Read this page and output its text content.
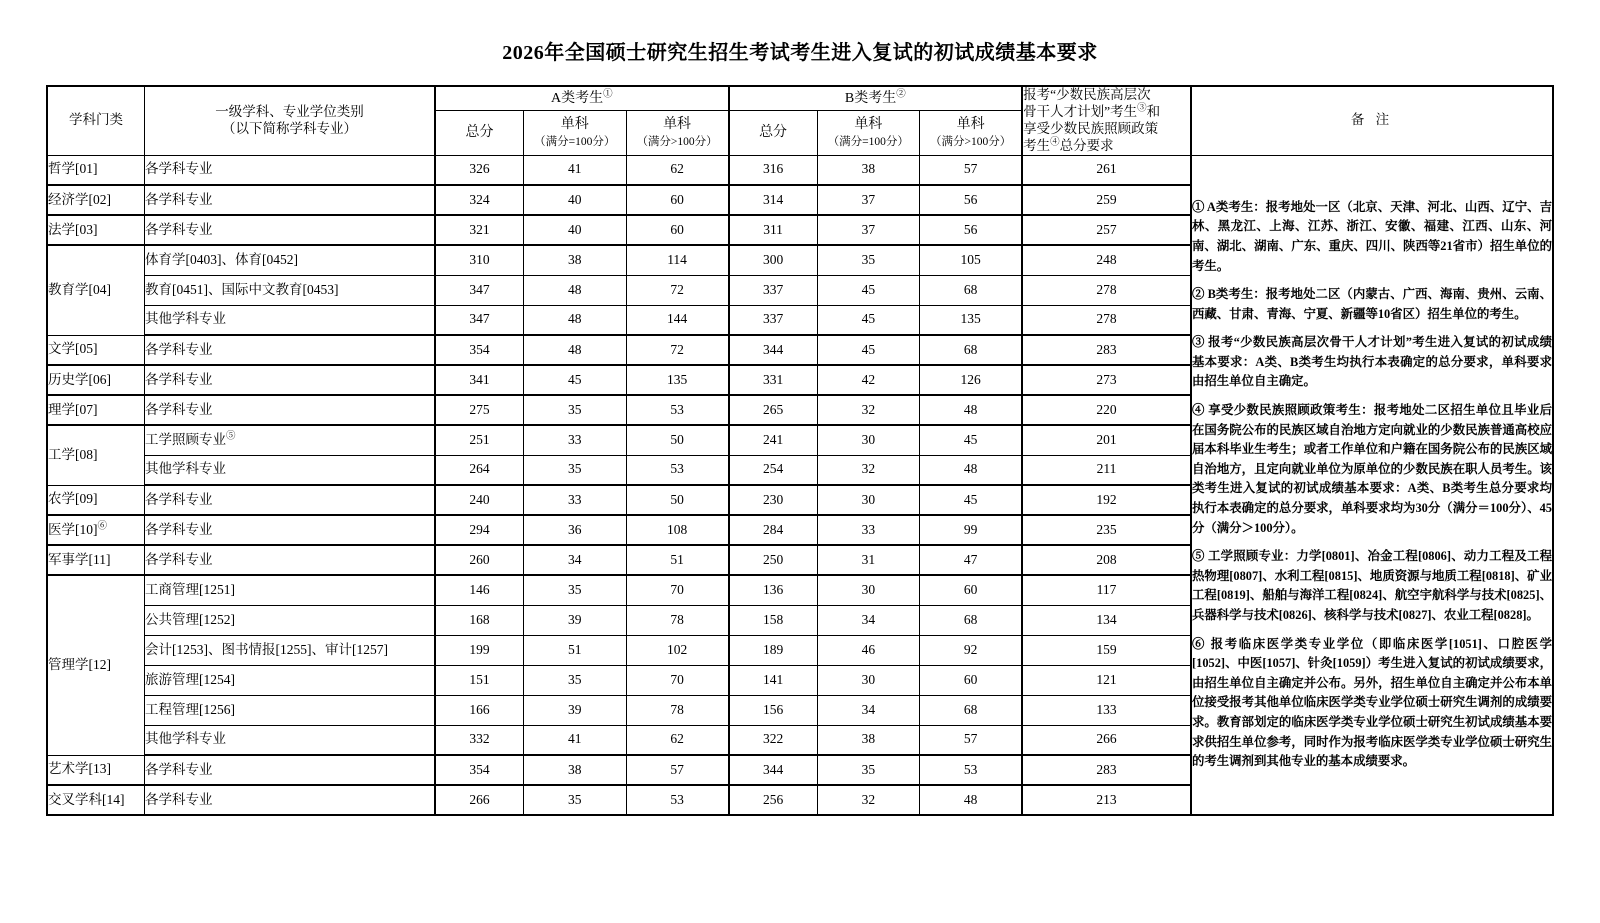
2026年全国硕士研究生招生考试考生进入复试的初试成绩基本要求
学科门类	一级学科、专业学位类别
（以下简称学科专业）	A类考生①	B类考生②	报考“少数民族高层次
骨干人才计划”考生③和
享受少数民族照顾政策
考生④总分要求
	备 注
		总分	单科
（满分=100分）	单科
（满分>100分）	总分	单科
（满分=100分）	单科
（满分>100分）		

哲学[01]	各学科专业	326	41	62	316	38	57	261	

① A类考生：报考地处一区（北京、天津、河北、山西、辽宁、吉林、黑龙江、上海、江苏、浙江、安徽、福建、江西、山东、河南、湖北、湖南、广东、重庆、四川、陕西等21省市）招生单位的考生。

② B类考生：报考地处二区（内蒙古、广西、海南、贵州、云南、西藏、甘肃、青海、宁夏、新疆等10省区）招生单位的考生。

③ 报考“少数民族高层次骨干人才计划”考生进入复试的初试成绩基本要求：A类、B类考生均执行本表确定的总分要求，单科要求由招生单位自主确定。

④ 享受少数民族照顾政策考生：报考地处二区招生单位且毕业后在国务院公布的民族区域自治地方定向就业的少数民族普通高校应届本科毕业生考生；或者工作单位和户籍在国务院公布的民族区域自治地方，且定向就业单位为原单位的少数民族在职人员考生。该类考生进入复试的初试成绩基本要求：A类、B类考生总分要求均执行本表确定的总分要求，单科要求均为30分（满分＝100分）、45分（满分＞100分）。

⑤ 工学照顾专业：力学[0801]、冶金工程[0806]、动力工程及工程热物理[0807]、水利工程[0815]、地质资源与地质工程[0818]、矿业工程[0819]、船舶与海洋工程[0824]、航空宇航科学与技术[0825]、兵器科学与技术[0826]、核科学与技术[0827]、农业工程[0828]。

⑥ 报考临床医学类专业学位（即临床医学[1051]、口腔医学[1052]、中医[1057]、针灸[1059]）考生进入复试的初试成绩要求，由招生单位自主确定并公布。另外，招生单位自主确定并公布本单位接受报考其他单位临床医学类专业学位硕士研究生调剂的成绩要求。教育部划定的临床医学类专业学位硕士研究生初试成绩基本要求供招生单位参考，同时作为报考临床医学类专业学位硕士研究生的考生调剂到其他专业的基本成绩要求。

经济学[02]	各学科专业	324	40	60	314	37	56	259	
法学[03]	各学科专业	321	40	60	311	37	56	257	
教育学[04]	体育学[0403]、体育[0452]	310	38	114	300	35	105	248	
	教育[0451]、国际中文教育[0453]	347	48	72	337	45	68	278	
	其他学科专业	347	48	144	337	45	135	278	
文学[05]	各学科专业	354	48	72	344	45	68	283	
历史学[06]	各学科专业	341	45	135	331	42	126	273	
理学[07]	各学科专业	275	35	53	265	32	48	220	
工学[08]	工学照顾专业⑤	251	33	50	241	30	45	201	
	其他学科专业	264	35	53	254	32	48	211	
农学[09]	各学科专业	240	33	50	230	30	45	192	
医学[10]⑥	各学科专业	294	36	108	284	33	99	235	
军事学[11]	各学科专业	260	34	51	250	31	47	208	
管理学[12]	工商管理[1251]	146	35	70	136	30	60	117	
	公共管理[1252]	168	39	78	158	34	68	134	
	会计[1253]、图书情报[1255]、审计[1257]	199	51	102	189	46	92	159	
	旅游管理[1254]	151	35	70	141	30	60	121	
	工程管理[1256]	166	39	78	156	34	68	133	
	其他学科专业	332	41	62	322	38	57	266	
艺术学[13]	各学科专业	354	38	57	344	35	53	283	
交叉学科[14]	各学科专业	266	35	53	256	32	48	213	
